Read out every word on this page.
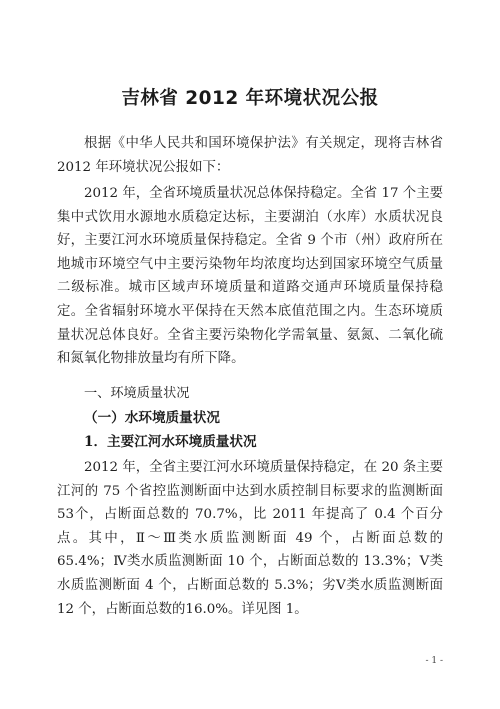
吉林省 2012 年环境状况公报

根据《中华人民共和国环境保护法》有关规定，现将吉林省2012 年环境状况公报如下：

2012 年，全省环境质量状况总体保持稳定。全省 17 个主要集中式饮用水源地水质稳定达标，主要湖泊（水库）水质状况良好，主要江河水环境质量保持稳定。全省 9 个市（州）政府所在地城市环境空气中主要污染物年均浓度均达到国家环境空气质量二级标准。城市区域声环境质量和道路交通声环境质量保持稳定。全省辐射环境水平保持在天然本底值范围之内。生态环境质量状况总体良好。全省主要污染物化学需氧量、氨氮、二氧化硫和氮氧化物排放量均有所下降。

一、环境质量状况

（一）水环境质量状况

1．主要江河水环境质量状况

2012 年，全省主要江河水环境质量保持稳定，在 20 条主要江河的 75 个省控监测断面中达到水质控制目标要求的监测断面 53个，占断面总数的 70.7%，比 2011 年提高了 0.4 个百分点。其中，Ⅱ～Ⅲ类水质监测断面 49 个，占断面总数的 65.4%；Ⅳ类水质监测断面 10 个，占断面总数的 13.3%；Ⅴ类水质监测断面 4 个，占断面总数的 5.3%；劣Ⅴ类水质监测断面 12 个，占断面总数的16.0%。详见图 1。

- 1 -
